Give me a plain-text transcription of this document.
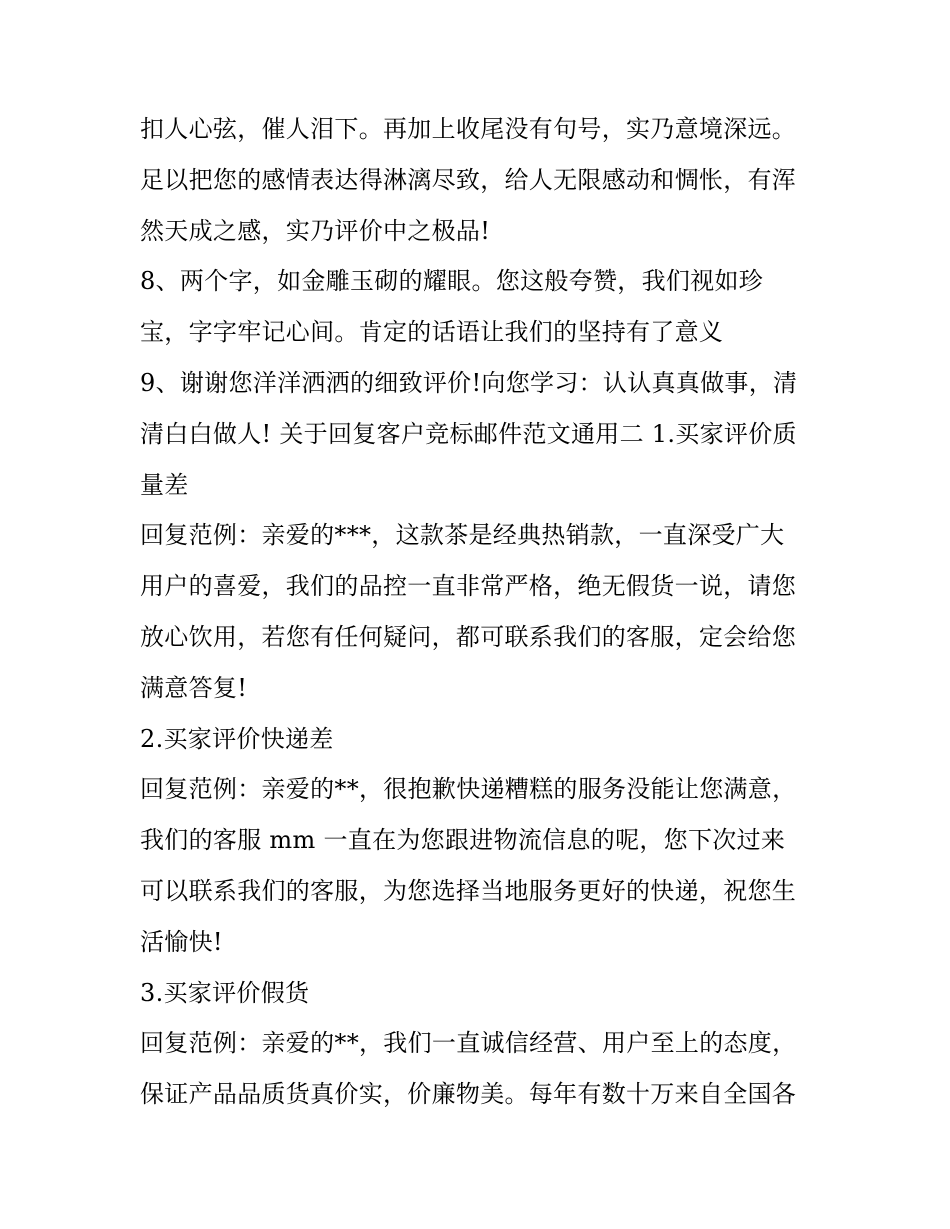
扣人心弦，催人泪下。再加上收尾没有句号，实乃意境深远。
足以把您的感情表达得淋漓尽致，给人无限感动和惆怅，有浑
然天成之感，实乃评价中之极品!
8、两个字，如金雕玉砌的耀眼。您这般夸赞，我们视如珍
宝，字字牢记心间。肯定的话语让我们的坚持有了意义
9、谢谢您洋洋洒洒的细致评价!向您学习：认认真真做事，清
清白白做人! 关于回复客户竞标邮件范文通用二 1.买家评价质
量差
回复范例：亲爱的***，这款茶是经典热销款，一直深受广大
用户的喜爱，我们的品控一直非常严格，绝无假货一说，请您
放心饮用，若您有任何疑问，都可联系我们的客服，定会给您
满意答复!
2.买家评价快递差
回复范例：亲爱的**，很抱歉快递糟糕的服务没能让您满意，
我们的客服 mm 一直在为您跟进物流信息的呢，您下次过来
可以联系我们的客服，为您选择当地服务更好的快递，祝您生
活愉快!
3.买家评价假货
回复范例：亲爱的**，我们一直诚信经营、用户至上的态度，
保证产品品质货真价实，价廉物美。每年有数十万来自全国各
